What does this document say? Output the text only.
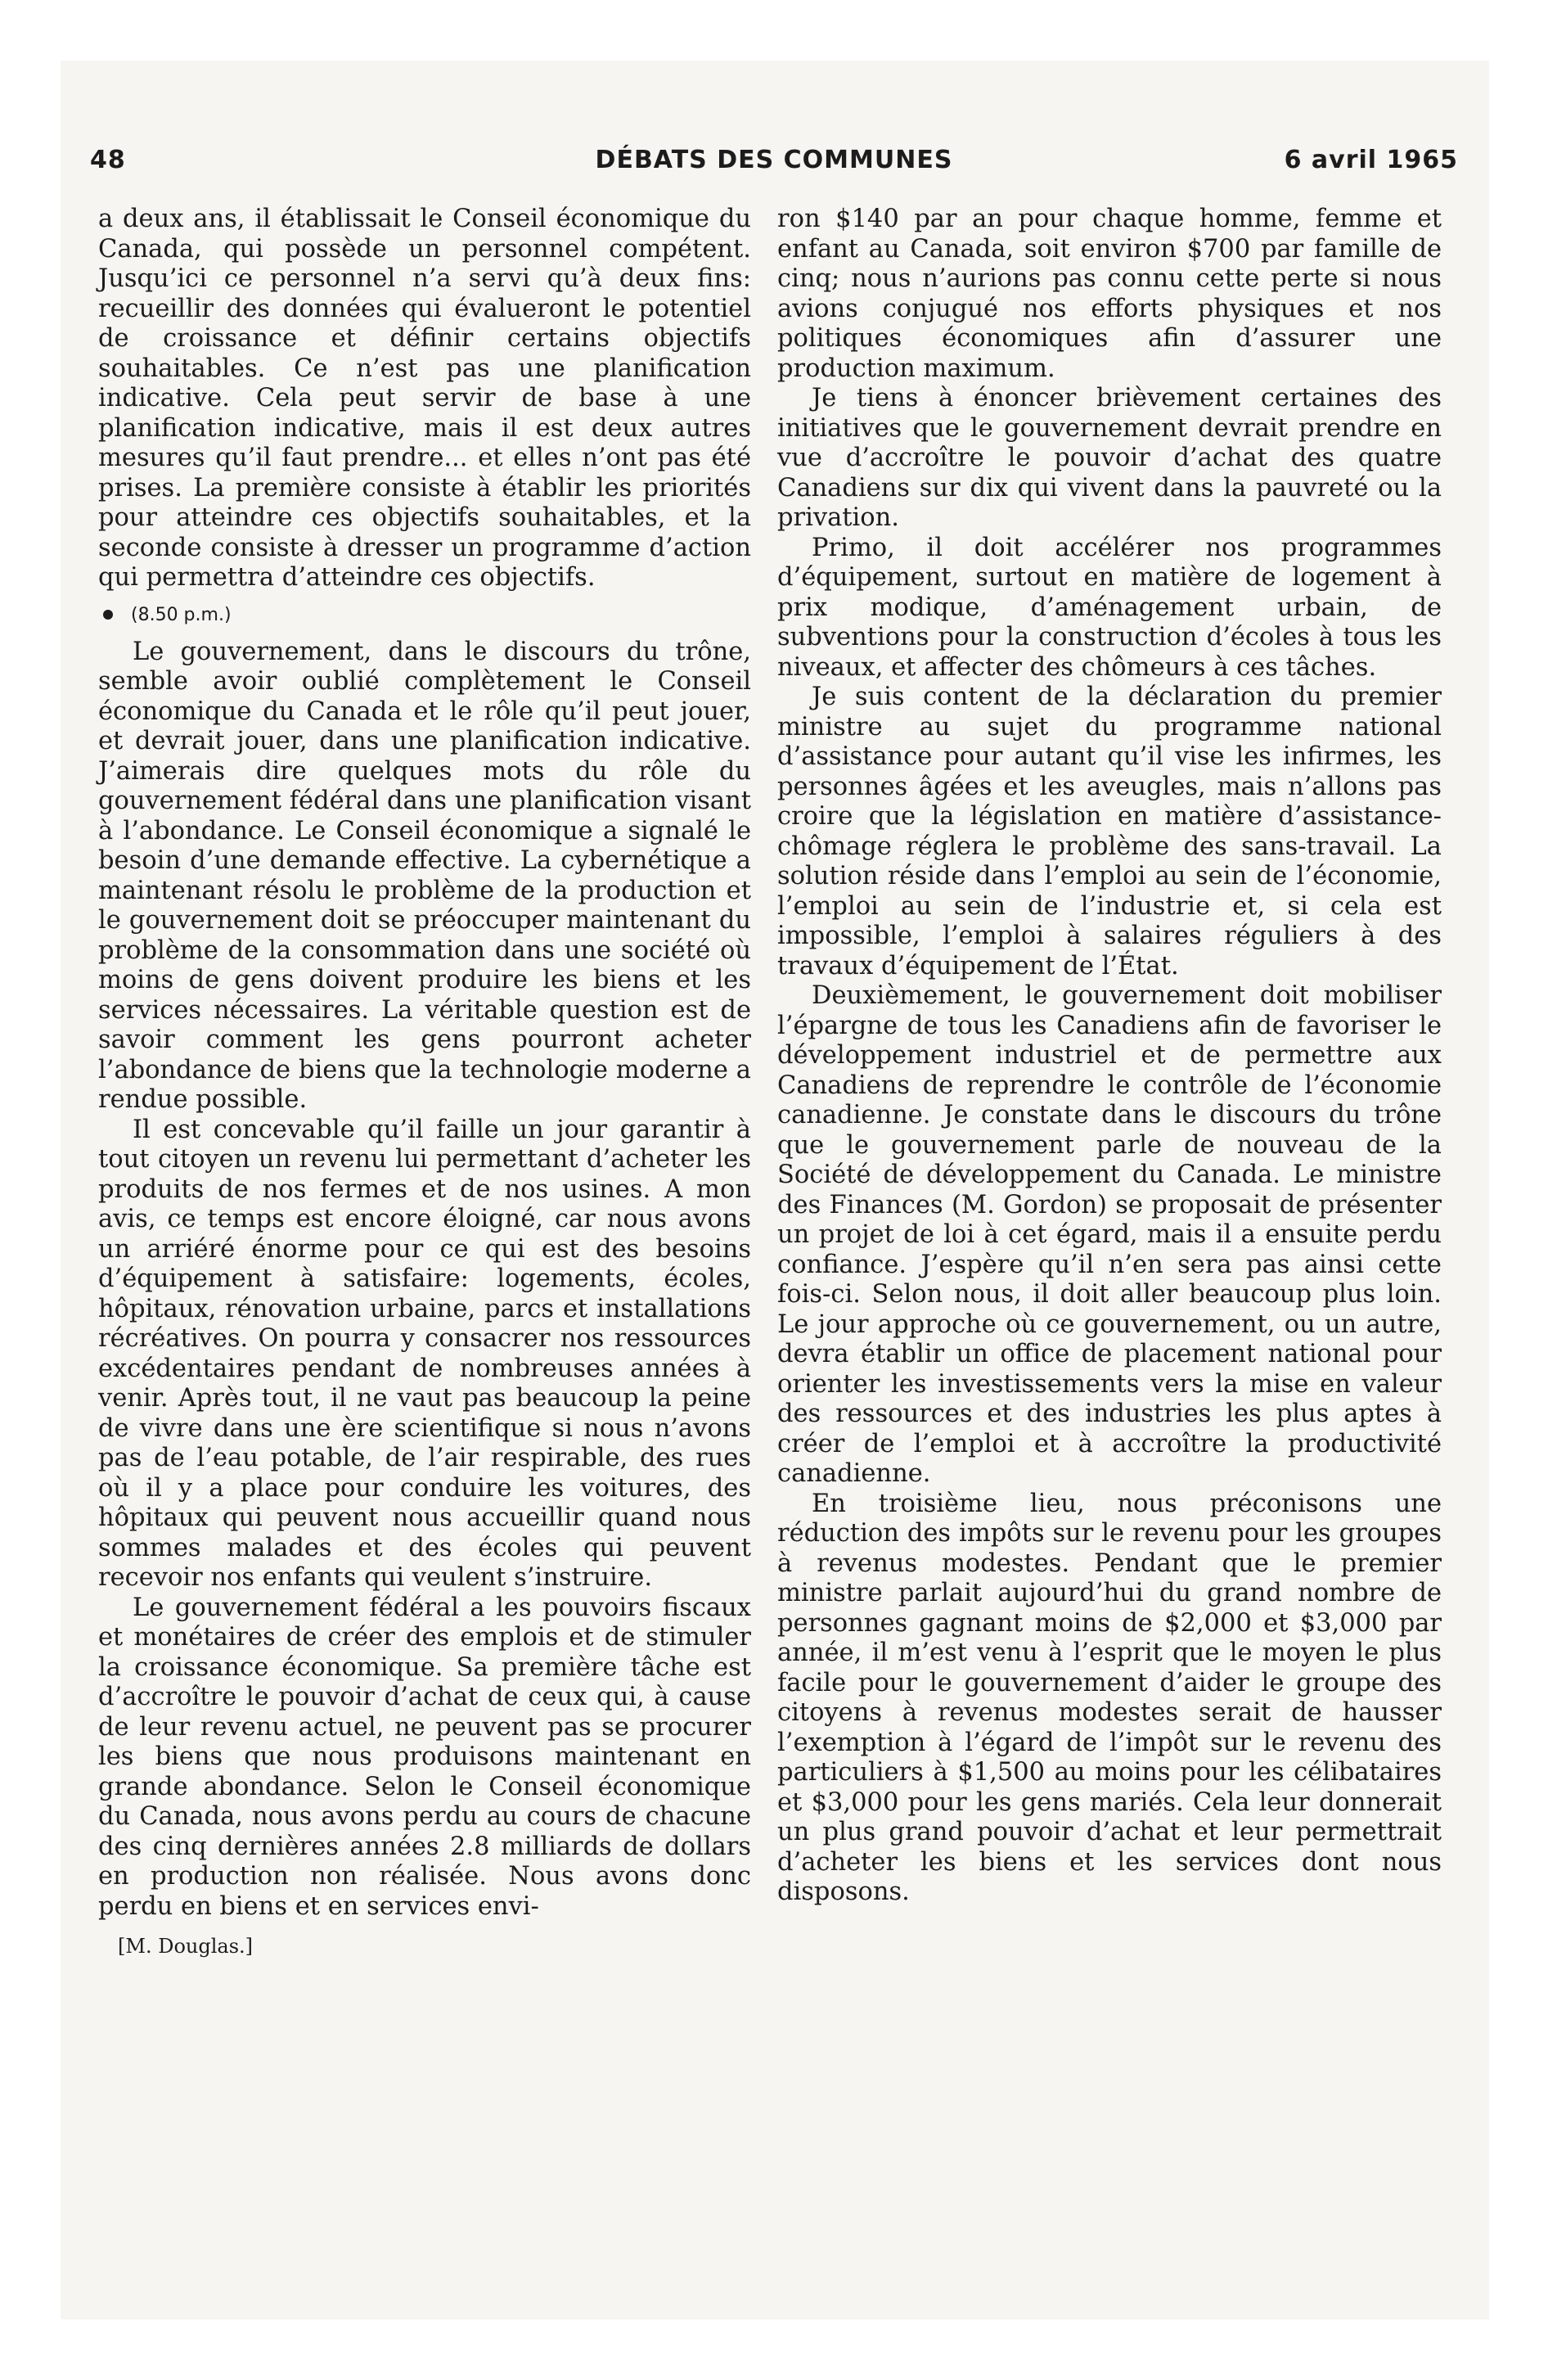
48	DÉBATS DES COMMUNES	6 avril 1965

a deux ans, il établissait le Conseil économique du Canada, qui possède un personnel compétent. Jusqu’ici ce personnel n’a servi qu’à deux fins: recueillir des données qui évalueront le potentiel de croissance et définir certains objectifs souhaitables. Ce n’est pas une planification indicative. Cela peut servir de base à une planification indicative, mais il est deux autres mesures qu’il faut prendre... et elles n’ont pas été prises. La première consiste à établir les priorités pour atteindre ces objectifs souhaitables, et la seconde consiste à dresser un programme d’action qui permettra d’atteindre ces objectifs.

(8.50 p.m.)

Le gouvernement, dans le discours du trône, semble avoir oublié complètement le Conseil économique du Canada et le rôle qu’il peut jouer, et devrait jouer, dans une planification indicative. J’aimerais dire quelques mots du rôle du gouvernement fédéral dans une planification visant à l’abondance. Le Conseil économique a signalé le besoin d’une demande effective. La cybernétique a maintenant résolu le problème de la production et le gouvernement doit se préoccuper maintenant du problème de la consommation dans une société où moins de gens doivent produire les biens et les services nécessaires. La véritable question est de savoir comment les gens pourront acheter l’abondance de biens que la technologie moderne a rendue possible.

Il est concevable qu’il faille un jour garantir à tout citoyen un revenu lui permettant d’acheter les produits de nos fermes et de nos usines. A mon avis, ce temps est encore éloigné, car nous avons un arriéré énorme pour ce qui est des besoins d’équipement à satisfaire: logements, écoles, hôpitaux, rénovation urbaine, parcs et installations récréatives. On pourra y consacrer nos ressources excédentaires pendant de nombreuses années à venir. Après tout, il ne vaut pas beaucoup la peine de vivre dans une ère scientifique si nous n’avons pas de l’eau potable, de l’air respirable, des rues où il y a place pour conduire les voitures, des hôpitaux qui peuvent nous accueillir quand nous sommes malades et des écoles qui peuvent recevoir nos enfants qui veulent s’instruire.

Le gouvernement fédéral a les pouvoirs fiscaux et monétaires de créer des emplois et de stimuler la croissance économique. Sa première tâche est d’accroître le pouvoir d’achat de ceux qui, à cause de leur revenu actuel, ne peuvent pas se procurer les biens que nous produisons maintenant en grande abondance. Selon le Conseil économique du Canada, nous avons perdu au cours de chacune des cinq dernières années 2.8 milliards de dollars en production non réalisée. Nous avons donc perdu en biens et en services envi-

[M. Douglas.]

ron $140 par an pour chaque homme, femme et enfant au Canada, soit environ $700 par famille de cinq; nous n’aurions pas connu cette perte si nous avions conjugué nos efforts physiques et nos politiques économiques afin d’assurer une production maximum.

Je tiens à énoncer brièvement certaines des initiatives que le gouvernement devrait prendre en vue d’accroître le pouvoir d’achat des quatre Canadiens sur dix qui vivent dans la pauvreté ou la privation.

Primo, il doit accélérer nos programmes d’équipement, surtout en matière de logement à prix modique, d’aménagement urbain, de subventions pour la construction d’écoles à tous les niveaux, et affecter des chômeurs à ces tâches.

Je suis content de la déclaration du premier ministre au sujet du programme national d’assistance pour autant qu’il vise les infirmes, les personnes âgées et les aveugles, mais n’allons pas croire que la législation en matière d’assistance-chômage réglera le problème des sans-travail. La solution réside dans l’emploi au sein de l’économie, l’emploi au sein de l’industrie et, si cela est impossible, l’emploi à salaires réguliers à des travaux d’équipement de l’État.

Deuxièmement, le gouvernement doit mobiliser l’épargne de tous les Canadiens afin de favoriser le développement industriel et de permettre aux Canadiens de reprendre le contrôle de l’économie canadienne. Je constate dans le discours du trône que le gouvernement parle de nouveau de la Société de développement du Canada. Le ministre des Finances (M. Gordon) se proposait de présenter un projet de loi à cet égard, mais il a ensuite perdu confiance. J’espère qu’il n’en sera pas ainsi cette fois-ci. Selon nous, il doit aller beaucoup plus loin. Le jour approche où ce gouvernement, ou un autre, devra établir un office de placement national pour orienter les investissements vers la mise en valeur des ressources et des industries les plus aptes à créer de l’emploi et à accroître la productivité canadienne.

En troisième lieu, nous préconisons une réduction des impôts sur le revenu pour les groupes à revenus modestes. Pendant que le premier ministre parlait aujourd’hui du grand nombre de personnes gagnant moins de $2,000 et $3,000 par année, il m’est venu à l’esprit que le moyen le plus facile pour le gouvernement d’aider le groupe des citoyens à revenus modestes serait de hausser l’exemption à l’égard de l’impôt sur le revenu des particuliers à $1,500 au moins pour les célibataires et $3,000 pour les gens mariés. Cela leur donnerait un plus grand pouvoir d’achat et leur permettrait d’acheter les biens et les services dont nous disposons.
